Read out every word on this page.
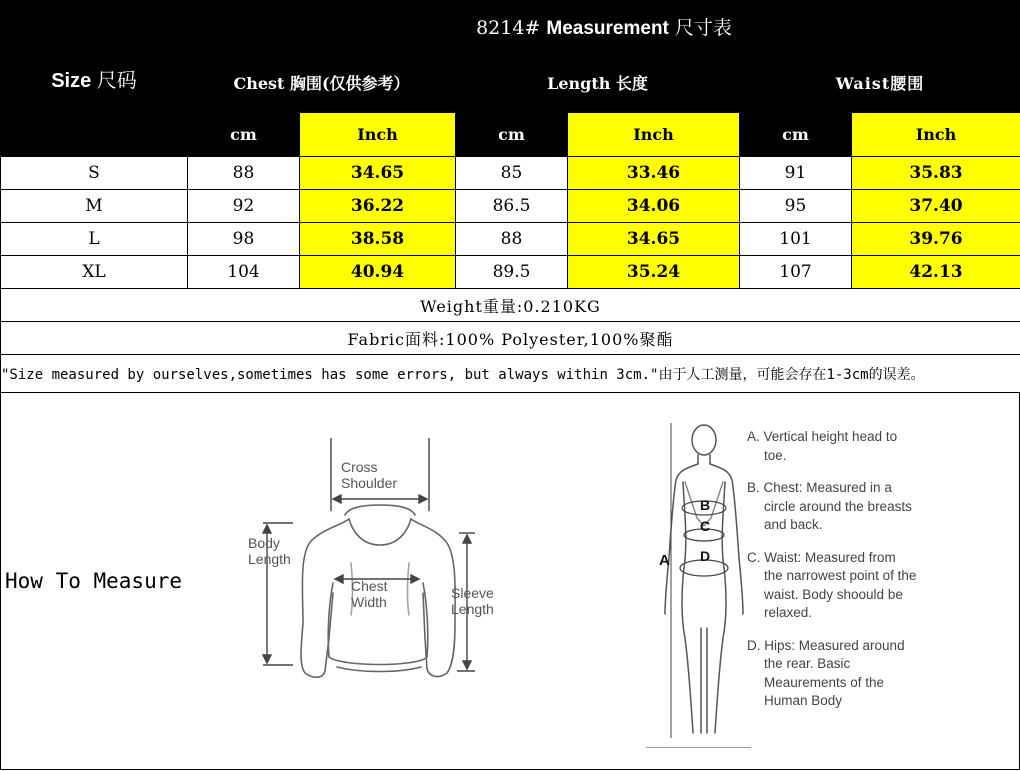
Size 尺码	8214# Measurement 尺寸表					
	Chest 胸围(仅供参考）		Length 长度		Waist腰围	
	cm	Inch	cm	Inch	cm	Inch
S	88	34.65	85	33.46	91	35.83
M	92	36.22	86.5	34.06	95	37.40
L	98	38.58	88	34.65	101	39.76
XL	104	40.94	89.5	35.24	107	42.13
Weight重量:0.210KG						
Fabric面料:100% Polyester,100%聚酯						
"Size measured by ourselves,sometimes has some errors, but always within 3cm."由于人工测量，可能会存在1-3cm的误差。						
How To Measure
Cross
Shoulder
Body
Length
Chest
Width
Sleeve
Length
A
B
C
D
A. Vertical height head to toe.
B. Chest: Measured in a circle around the breasts and back.
C. Waist: Measured from the narrowest point of the waist. Body shoould be relaxed.
D. Hips: Measured around the rear. Basic Meaurements of the Human Body
